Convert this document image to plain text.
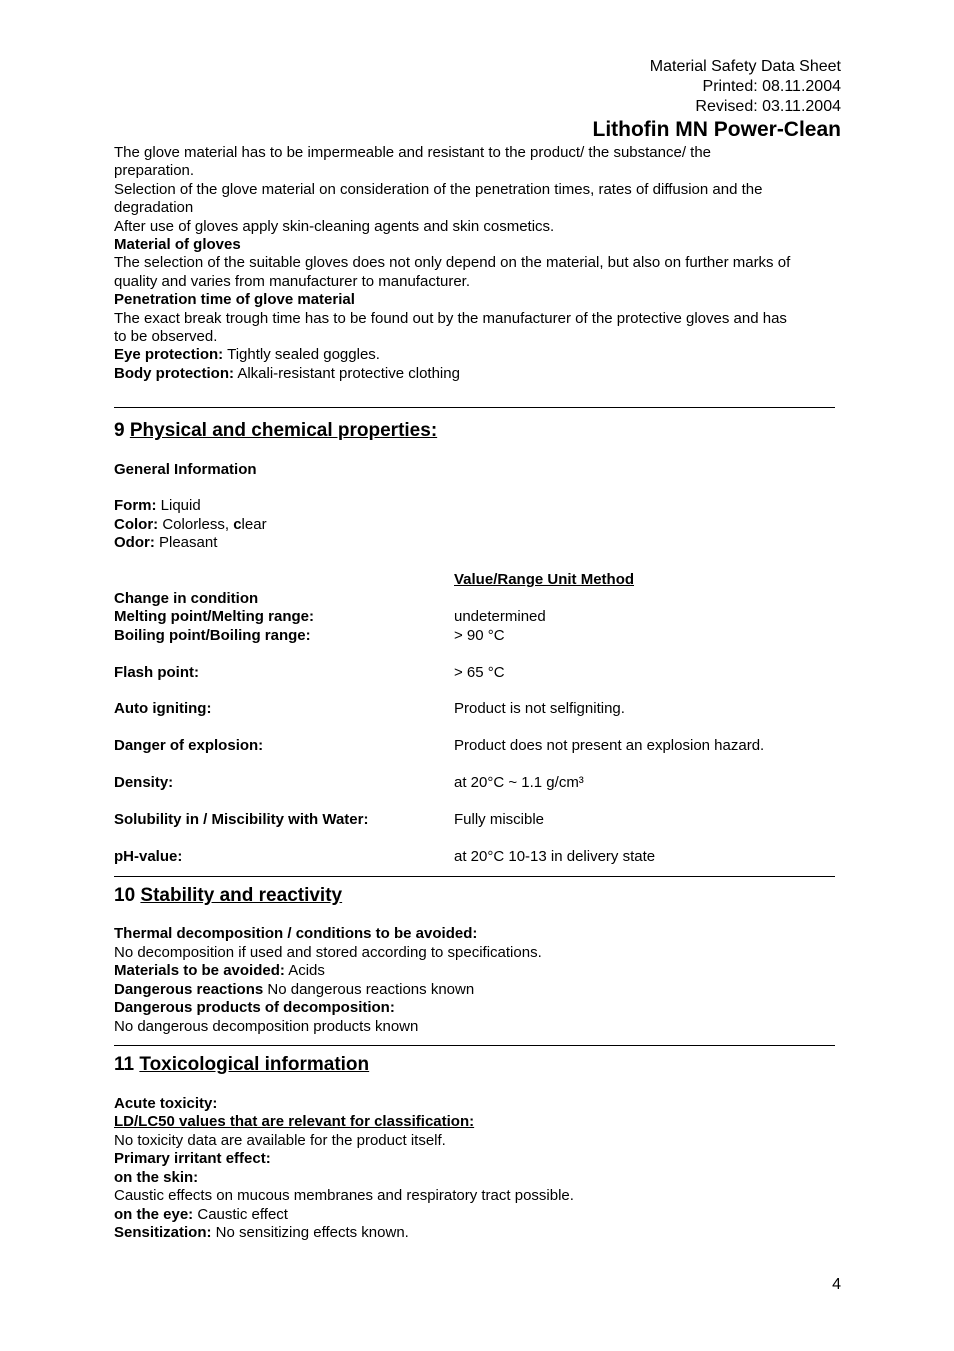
Material Safety Data Sheet
Printed: 08.11.2004
Revised: 03.11.2004
Lithofin MN Power-Clean
The glove material has to be impermeable and resistant to the product/ the substance/ the
preparation.
Selection of the glove material on consideration of the penetration times, rates of diffusion and the
degradation
After use of gloves apply skin-cleaning agents and skin cosmetics.
Material of gloves
The selection of the suitable gloves does not only depend on the material, but also on further marks of
quality and varies from manufacturer to manufacturer.
Penetration time of glove material
The exact break trough time has to be found out by the manufacturer of the protective gloves and has
to be observed.
Eye protection: Tightly sealed goggles.
Body protection: Alkali-resistant protective clothing
9 Physical and chemical properties:
General Information
Form: Liquid
Color: Colorless, clear
Odor: Pleasant
Value/Range Unit Method
Change in condition
Melting point/Melting range:	undetermined
Boiling point/Boiling range:	> 90 °C
Flash point:	> 65 °C
Auto igniting:	Product is not selfigniting.
Danger of explosion:	Product does not present an explosion hazard.
Density:	at 20°C ~ 1.1 g/cm³
Solubility in / Miscibility with Water:	Fully miscible
pH-value:	at 20°C 10-13 in delivery state
10 Stability and reactivity
Thermal decomposition / conditions to be avoided:
No decomposition if used and stored according to specifications.
Materials to be avoided: Acids
Dangerous reactions No dangerous reactions known
Dangerous products of decomposition:
No dangerous decomposition products known
11 Toxicological information
Acute toxicity:
LD/LC50 values that are relevant for classification:
No toxicity data are available for the product itself.
Primary irritant effect:
on the skin:
Caustic effects on mucous membranes and respiratory tract possible.
on the eye: Caustic effect
Sensitization: No sensitizing effects known.
4
